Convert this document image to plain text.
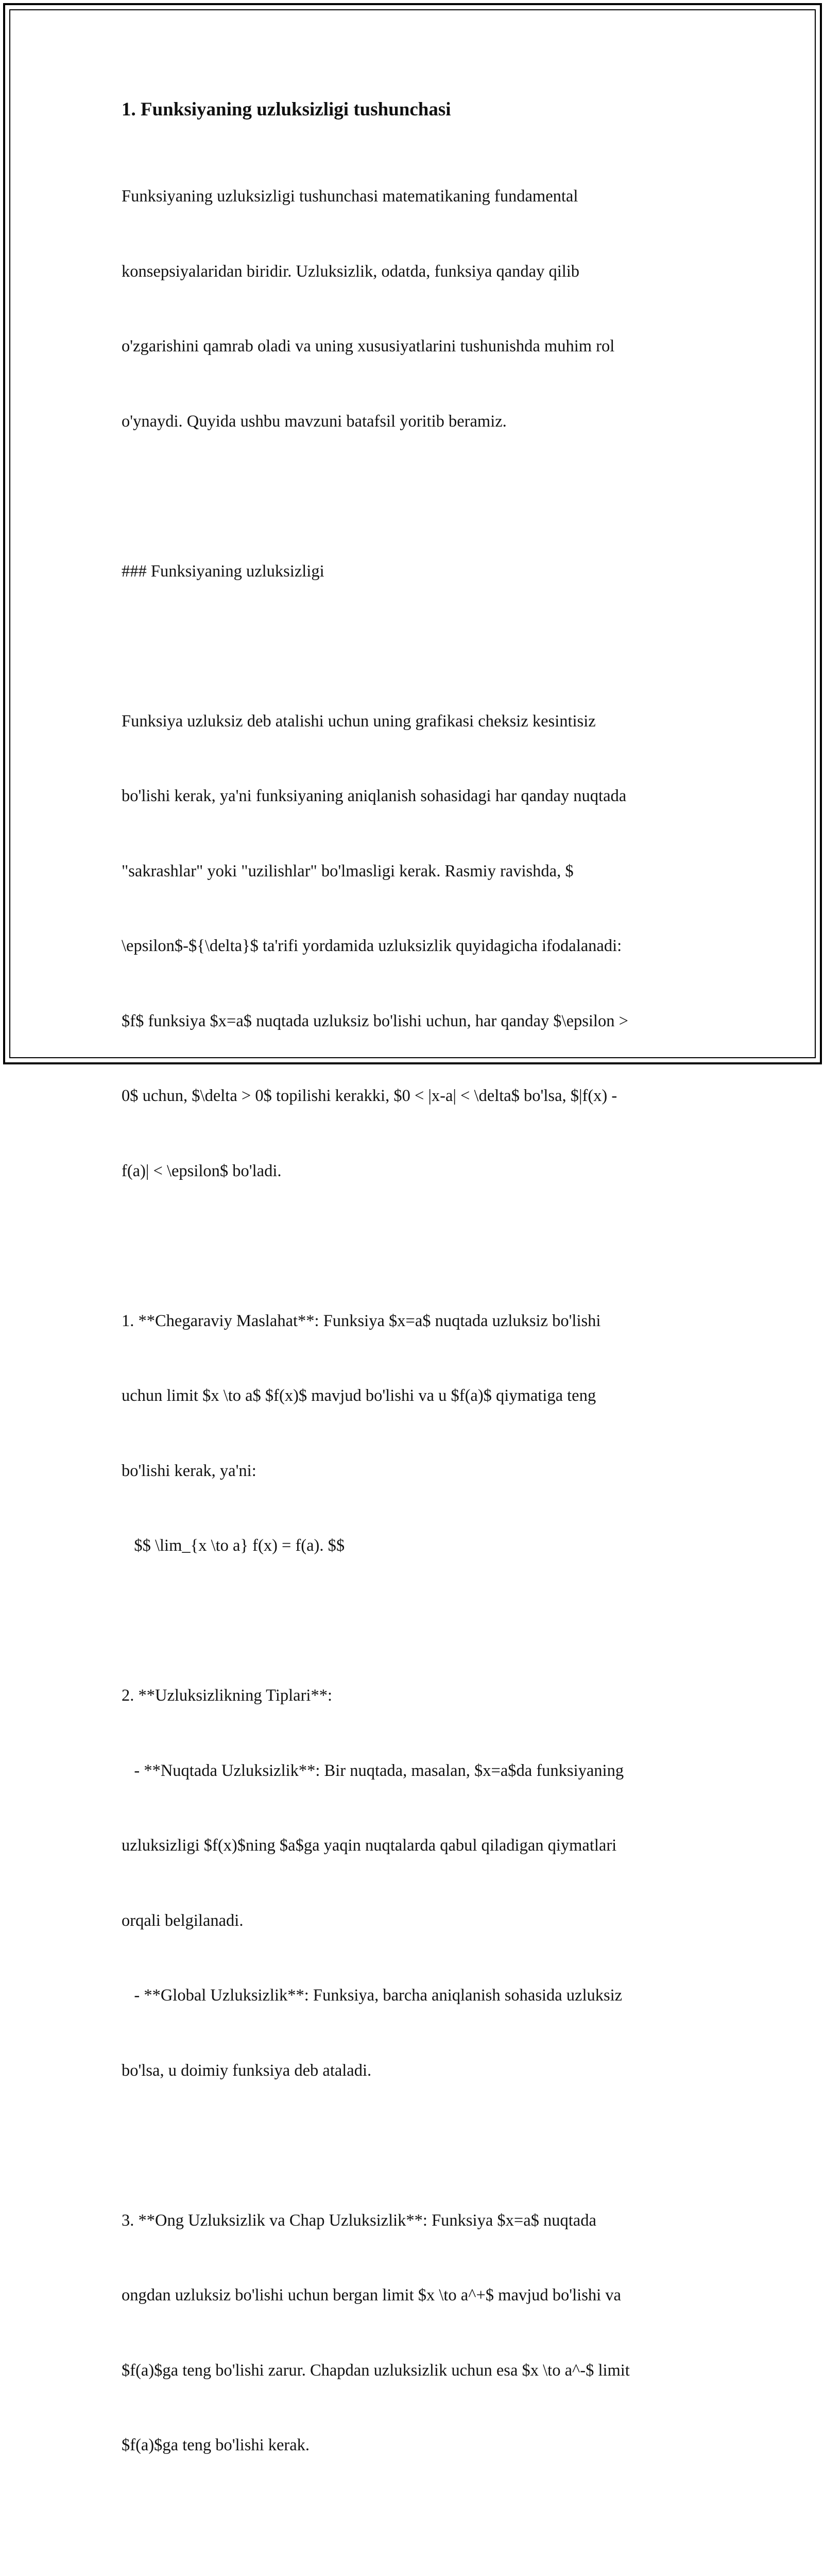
1. Funksiyaning uzluksizligi tushunchasi

Funksiyaning uzluksizligi tushunchasi matematikaning fundamental

konsepsiyalaridan biridir. Uzluksizlik, odatda, funksiya qanday qilib

o'zgarishini qamrab oladi va uning xususiyatlarini tushunishda muhim rol

o'ynaydi. Quyida ushbu mavzuni batafsil yoritib beramiz.

### Funksiyaning uzluksizligi

Funksiya uzluksiz deb atalishi uchun uning grafikasi cheksiz kesintisiz

bo'lishi kerak, ya'ni funksiyaning aniqlanish sohasidagi har qanday nuqtada

"sakrashlar" yoki "uzilishlar" bo'lmasligi kerak. Rasmiy ravishda, $

\epsilon$-${\delta}$ ta'rifi yordamida uzluksizlik quyidagicha ifodalanadi:

$f$ funksiya $x=a$ nuqtada uzluksiz bo'lishi uchun, har qanday $\epsilon >

0$ uchun, $\delta > 0$ topilishi kerakki, $0 < |x-a| < \delta$ bo'lsa, $|f(x) -

f(a)| < \epsilon$ bo'ladi.

1. **Chegaraviy Maslahat**: Funksiya $x=a$ nuqtada uzluksiz bo'lishi

uchun limit $x \to a$ $f(x)$ mavjud bo'lishi va u $f(a)$ qiymatiga teng

bo'lishi kerak, ya'ni:

$$ \lim_{x \to a} f(x) = f(a). $$

2. **Uzluksizlikning Tiplari**:

- **Nuqtada Uzluksizlik**: Bir nuqtada, masalan, $x=a$da funksiyaning

uzluksizligi $f(x)$ning $a$ga yaqin nuqtalarda qabul qiladigan qiymatlari

orqali belgilanadi.

- **Global Uzluksizlik**: Funksiya, barcha aniqlanish sohasida uzluksiz

bo'lsa, u doimiy funksiya deb ataladi.

3. **Ong Uzluksizlik va Chap Uzluksizlik**: Funksiya $x=a$ nuqtada

ongdan uzluksiz bo'lishi uchun bergan limit $x \to a^+$ mavjud bo'lishi va

$f(a)$ga teng bo'lishi zarur. Chapdan uzluksizlik uchun esa $x \to a^-$ limit

$f(a)$ga teng bo'lishi kerak.
